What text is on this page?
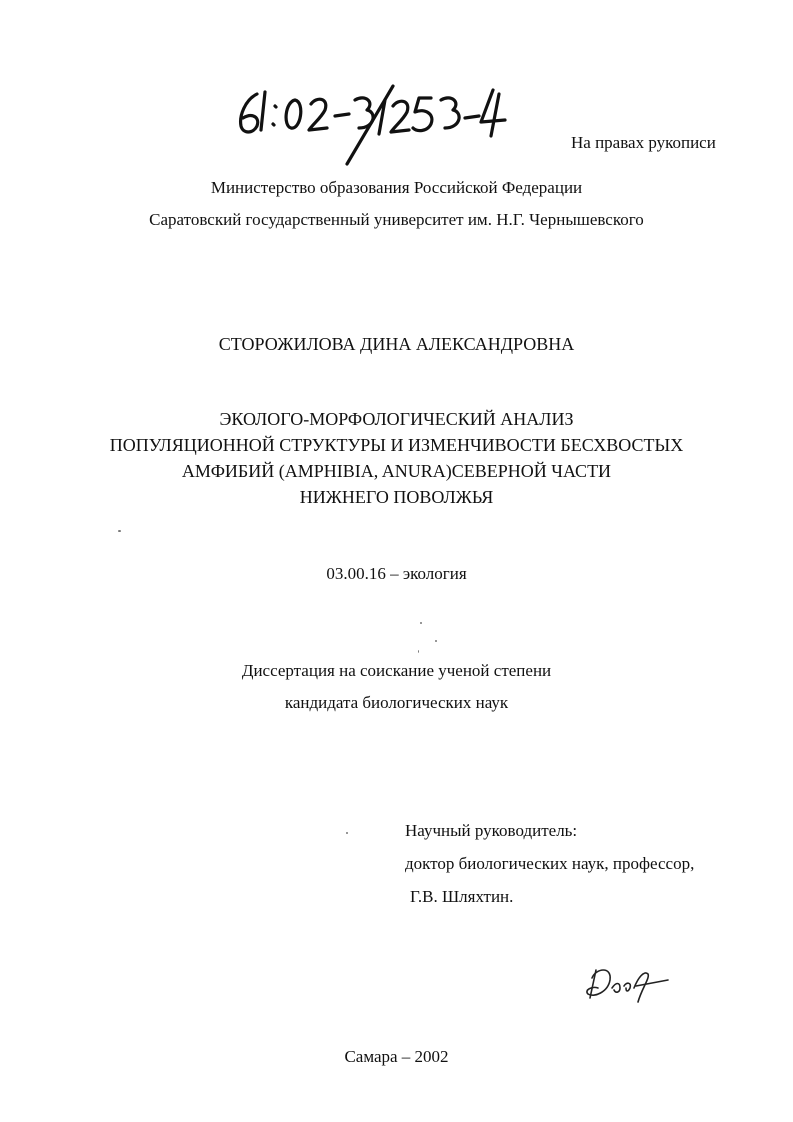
На правах рукописи
Министерство образования Российской Федерации
Саратовский государственный университет им. Н.Г. Чернышевского
СТОРОЖИЛОВА ДИНА АЛЕКСАНДРОВНА
ЭКОЛОГО-МОРФОЛОГИЧЕСКИЙ АНАЛИЗ
ПОПУЛЯЦИОННОЙ СТРУКТУРЫ И ИЗМЕНЧИВОСТИ БЕСХВОСТЫХ
АМФИБИЙ (AMPHIBIA, ANURA)СЕВЕРНОЙ ЧАСТИ
НИЖНЕГО ПОВОЛЖЬЯ
03.00.16 – экология
Диссертация на соискание ученой степени
кандидата биологических наук
Научный руководитель:
доктор биологических наук, профессор,
Г.В. Шляхтин.
Самара – 2002
